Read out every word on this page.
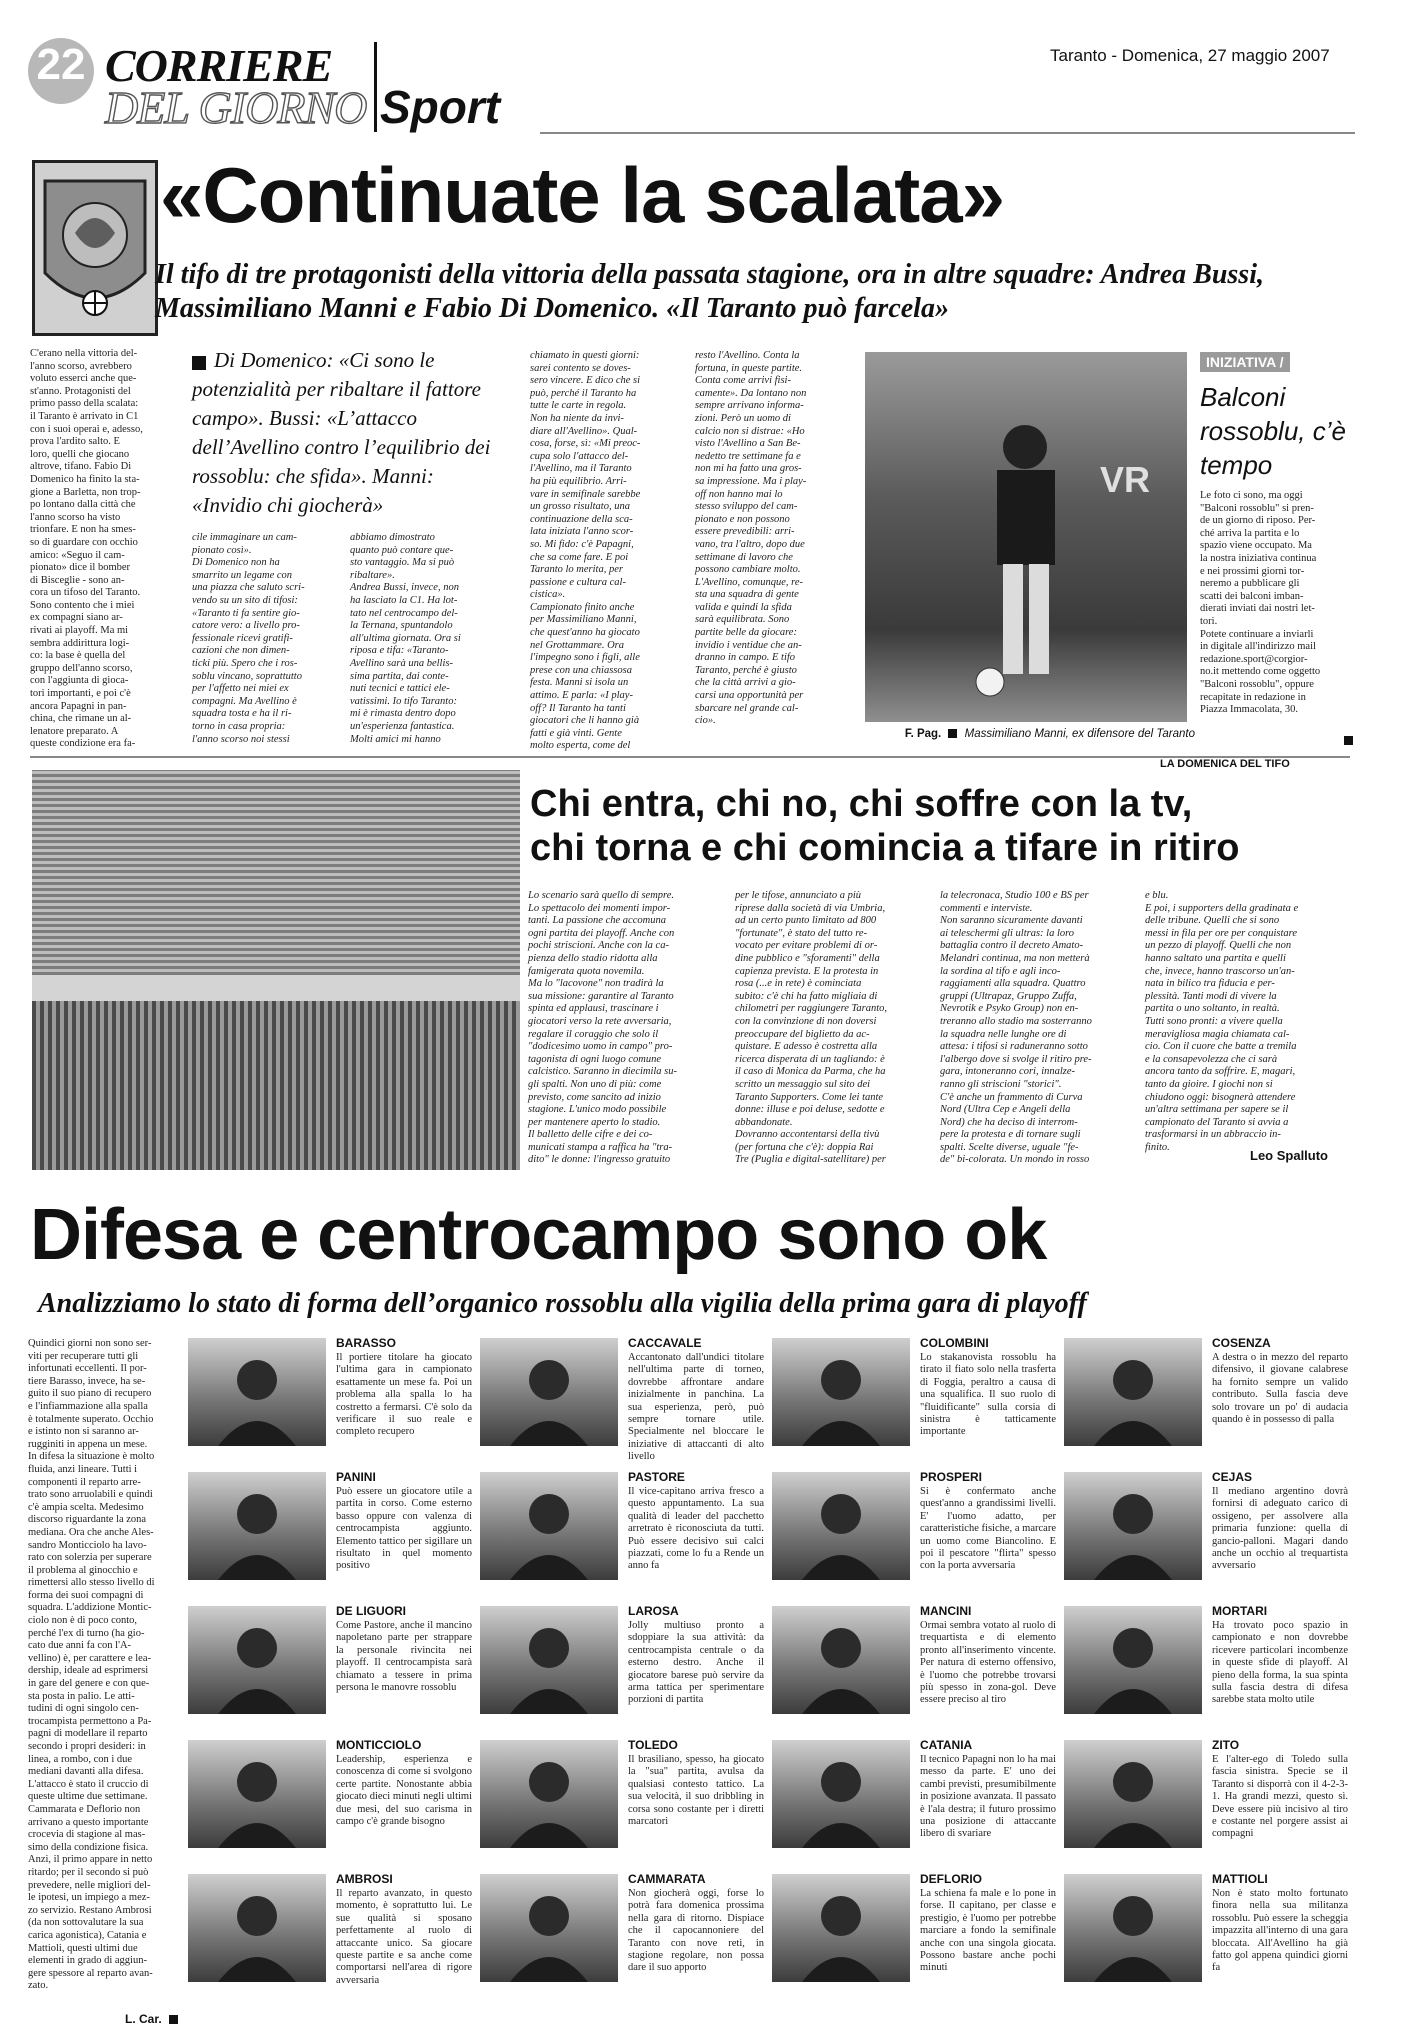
22 CORRIERE
DEL GIORNO Sport
Taranto - Domenica, 27 maggio 2007
«Continuate la scalata»
Il tifo di tre protagonisti della vittoria della passata stagione, ora in altre squadre: Andrea Bussi, Massimiliano Manni e Fabio Di Domenico. «Il Taranto può farcela»

C'erano nella vittoria del-
l'anno scorso, avrebbero
voluto esserci anche que-
st'anno. Protagonisti del
primo passo della scalata:
il Taranto è arrivato in C1
con i suoi operai e, adesso,
prova l'ardito salto. E
loro, quelli che giocano
altrove, tifano. Fabio Di
Domenico ha finito la sta-
gione a Barletta, non trop-
po lontano dalla città che
l'anno scorso ha visto
trionfare. E non ha smes-
so di guardare con occhio
amico: «Seguo il cam-
pionato» dice il bomber
di Bisceglie - sono an-
cora un tifoso del Taranto.
Sono contento che i miei
ex compagni siano ar-
rivati ai playoff. Ma mi
sembra addirittura logi-
co: la base è quella del
gruppo dell'anno scorso,
con l'aggiunta di gioca-
tori importanti, e poi c'è
ancora Papagni in pan-
china, che rimane un al-
lenatore preparato. A
queste condizione era fa-

Di Domenico: «Ci sono le potenzialità per ribaltare il fattore campo». Bussi: «L’attacco dell’Avellino contro l’equilibrio dei rossoblu: che sfida». Manni: «Invidio chi giocherà»

cile immaginare un cam-
pionato così».
Di Domenico non ha
smarrito un legame con
una piazza che saluto scri-
vendo su un sito di tifosi:
«Taranto ti fa sentire gio-
catore vero: a livello pro-
fessionale ricevi gratifi-
cazioni che non dimen-
ticki più. Spero che i ros-
soblu vincano, soprattutto
per l'affetto nei miei ex
compagni. Ma Avellino è
squadra tosta e ha il ri-
torno in casa propria:
l'anno scorso noi stessi

abbiamo dimostrato
quanto può contare que-
sto vantaggio. Ma si può
ribaltare».
Andrea Bussi, invece, non
ha lasciato la C1. Ha lot-
tato nel centrocampo del-
la Ternana, spuntandolo
all'ultima giornata. Ora si
riposa e tifa: «Taranto-
Avellino sarà una bellis-
sima partita, dai conte-
nuti tecnici e tattici ele-
vatissimi. Io tifo Taranto:
mi è rimasta dentro dopo
un'esperienza fantastica.
Molti amici mi hanno

chiamato in questi giorni:
sarei contento se doves-
sero vincere. E dico che si
può, perché il Taranto ha
tutte le carte in regola.
Non ha niente da invi-
diare all'Avellino». Qual-
cosa, forse, sì: «Mi preoc-
cupa solo l'attacco del-
l'Avellino, ma il Taranto
ha più equilibrio. Arri-
vare in semifinale sarebbe
un grosso risultato, una
continuazione della sca-
lata iniziata l'anno scor-
so. Mi fido: c'è Papagni,
che sa come fare. E poi
Taranto lo merita, per
passione e cultura cal-
cistica».
Campionato finito anche
per Massimiliano Manni,
che quest'anno ha giocato
nel Grottammare. Ora
l'impegno sono i figli, alle
prese con una chiassosa
festa. Manni si isola un
attimo. E parla: «I play-
off? Il Taranto ha tanti
giocatori che li hanno già
fatti e già vinti. Gente
molto esperta, come del

resto l'Avellino. Conta la
fortuna, in queste partite.
Conta come arrivi fisi-
camente». Da lontano non
sempre arrivano informa-
zioni. Però un uomo di
calcio non si distrae: «Ho
visto l'Avellino a San Be-
nedetto tre settimane fa e
non mi ha fatto una gros-
sa impressione. Ma i play-
off non hanno mai lo
stesso sviluppo del cam-
pionato e non possono
essere prevedibili: arri-
vano, tra l'altro, dopo due
settimane di lavoro che
possono cambiare molto.
L'Avellino, comunque, re-
sta una squadra di gente
valida e quindi la sfida
sarà equilibrata. Sono
partite belle da giocare:
invidio i ventidue che an-
dranno in campo. E tifo
Taranto, perché è giusto
che la città arrivi a gio-
carsi una opportunità per
sbarcare nel grande cal-
cio».

VR
F. Pag. Massimiliano Manni, ex difensore del Taranto
INIZIATIVA /
Balconi rossoblu, c’è tempo

Le foto ci sono, ma oggi
"Balconi rossoblu" si pren-
de un giorno di riposo. Per-
ché arriva la partita e lo
spazio viene occupato. Ma
la nostra iniziativa continua
e nei prossimi giorni tor-
neremo a pubblicare gli
scatti dei balconi imban-
dierati inviati dai nostri let-
tori.
Potete continuare a inviarli
in digitale all'indirizzo mail
redazione.sport@corgior-
no.it mettendo come oggetto
"Balconi rossoblu", oppure
recapitate in redazione in
Piazza Immacolata, 30.

LA DOMENICA DEL TIFO
Chi entra, chi no, chi soffre con la tv,
chi torna e chi comincia a tifare in ritiro

Lo scenario sarà quello di sempre.
Lo spettacolo dei momenti impor-
tanti. La passione che accomuna
ogni partita dei playoff. Anche con
pochi striscioni. Anche con la ca-
pienza dello stadio ridotta alla
famigerata quota novemila.
Ma lo "lacovone" non tradirà la
sua missione: garantire al Taranto
spinta ed applausi, trascinare i
giocatori verso la rete avversaria,
regalare il coraggio che solo il
"dodicesimo uomo in campo" pro-
tagonista di ogni luogo comune
calcistico. Saranno in diecimila su-
gli spalti. Non uno di più: come
previsto, come sancito ad inizio
stagione. L'unico modo possibile
per mantenere aperto lo stadio.
Il balletto delle cifre e dei co-
municati stampa a raffica ha "tra-
dito" le donne: l'ingresso gratuito

per le tifose, annunciato a più
riprese dalla società di via Umbria,
ad un certo punto limitato ad 800
"fortunate", è stato del tutto re-
vocato per evitare problemi di or-
dine pubblico e "sforamenti" della
capienza prevista. E la protesta in
rosa (...e in rete) è cominciata
subito: c'è chi ha fatto migliaia di
chilometri per raggiungere Taranto,
con la convinzione di non doversi
preoccupare del biglietto da ac-
quistare. E adesso è costretta alla
ricerca disperata di un tagliando: è
il caso di Monica da Parma, che ha
scritto un messaggio sul sito dei
Taranto Supporters. Come lei tante
donne: illuse e poi deluse, sedotte e
abbandonate.
Dovranno accontentarsi della tivù
(per fortuna che c'è): doppia Rai
Tre (Puglia e digital-satellitare) per

la telecronaca, Studio 100 e BS per
commenti e interviste.
Non saranno sicuramente davanti
ai teleschermi gli ultras: la loro
battaglia contro il decreto Amato-
Melandri continua, ma non metterà
la sordina al tifo e agli inco-
raggiamenti alla squadra. Quattro
gruppi (Ultrapaz, Gruppo Zuffa,
Nevrotik e Psyko Group) non en-
treranno allo stadio ma sosterranno
la squadra nelle lunghe ore di
attesa: i tifosi si raduneranno sotto
l'albergo dove si svolge il ritiro pre-
gara, intoneranno cori, innalze-
ranno gli striscioni "storici".
C'è anche un frammento di Curva
Nord (Ultra Cep e Angeli della
Nord) che ha deciso di interrom-
pere la protesta e di tornare sugli
spalti. Scelte diverse, uguale "fe-
de" bi-colorata. Un mondo in rosso

e blu.
E poi, i supporters della gradinata e
delle tribune. Quelli che si sono
messi in fila per ore per conquistare
un pezzo di playoff. Quelli che non
hanno saltato una partita e quelli
che, invece, hanno trascorso un'an-
nata in bilico tra fiducia e per-
plessità. Tanti modi di vivere la
partita o uno soltanto, in realtà.
Tutti sono pronti: a vivere quella
meravigliosa magia chiamata cal-
cio. Con il cuore che batte a tremila
e la consapevolezza che ci sarà
ancora tanto da soffrire. E, magari,
tanto da gioire. I giochi non si
chiudono oggi: bisognerà attendere
un'altra settimana per sapere se il
campionato del Taranto si avvia a
trasformarsi in un abbraccio in-
finito.

Leo Spalluto
Difesa e centrocampo sono ok
Analizziamo lo stato di forma dell’organico rossoblu alla vigilia della prima gara di playoff

Quindici giorni non sono ser-
viti per recuperare tutti gli
infortunati eccellenti. Il por-
tiere Barasso, invece, ha se-
guito il suo piano di recupero
e l'infiammazione alla spalla
è totalmente superato. Occhio
e istinto non si saranno ar-
rugginiti in appena un mese.
In difesa la situazione è molto
fluida, anzi lineare. Tutti i
componenti il reparto arre-
trato sono arruolabili e quindi
c'è ampia scelta. Medesimo
discorso riguardante la zona
mediana. Ora che anche Ales-
sandro Monticciolo ha lavo-
rato con solerzia per superare
il problema al ginocchio e
rimettersi allo stesso livello di
forma dei suoi compagni di
squadra. L'addizione Montic-
ciolo non è di poco conto,
perché l'ex di turno (ha gio-
cato due anni fa con l'A-
vellino) è, per carattere e lea-
dership, ideale ad esprimersi
in gare del genere e con que-
sta posta in palio. Le atti-
tudini di ogni singolo cen-
trocampista permettono a Pa-
pagni di modellare il reparto
secondo i propri desideri: in
linea, a rombo, con i due
mediani davanti alla difesa.
L'attacco è stato il cruccio di
queste ultime due settimane.
Cammarata e Deflorio non
arrivano a questo importante
crocevia di stagione al mas-
simo della condizione fisica.
Anzi, il primo appare in netto
ritardo; per il secondo si può
prevedere, nelle migliori del-
le ipotesi, un impiego a mez-
zo servizio. Restano Ambrosi
(da non sottovalutare la sua
carica agonistica), Catania e
Mattioli, questi ultimi due
elementi in grado di aggiun-
gere spessore al reparto avan-
zato.

L. Car.
BARASSO

Il portiere titolare ha giocato l'ultima gara in campionato esattamente un mese fa. Poi un problema alla spalla lo ha costretto a fermarsi. C'è solo da verificare il suo reale e completo recupero

CACCAVALE

Accantonato dall'undici titolare nell'ultima parte di torneo, dovrebbe affrontare andare inizialmente in panchina. La sua esperienza, però, può sempre tornare utile. Specialmente nel bloccare le iniziative di attaccanti di alto livello

COLOMBINI

Lo stakanovista rossoblu ha tirato il fiato solo nella trasferta di Foggia, peraltro a causa di una squalifica. Il suo ruolo di "fluidificante" sulla corsia di sinistra è tatticamente importante

COSENZA

A destra o in mezzo del reparto difensivo, il giovane calabrese ha fornito sempre un valido contributo. Sulla fascia deve solo trovare un po' di audacia quando è in possesso di palla

PANINI

Può essere un giocatore utile a partita in corso. Come esterno basso oppure con valenza di centrocampista aggiunto. Elemento tattico per sigillare un risultato in quel momento positivo

PASTORE

Il vice-capitano arriva fresco a questo appuntamento. La sua qualità di leader del pacchetto arretrato è riconosciuta da tutti. Può essere decisivo sui calci piazzati, come lo fu a Rende un anno fa

PROSPERI

Si è confermato anche quest'anno a grandissimi livelli. E' l'uomo adatto, per caratteristiche fisiche, a marcare un uomo come Biancolino. E poi il pescatore "flirta" spesso con la porta avversaria

CEJAS

Il mediano argentino dovrà fornirsi di adeguato carico di ossigeno, per assolvere alla primaria funzione: quella di gancio-palloni. Magari dando anche un occhio al trequartista avversario

DE LIGUORI

Come Pastore, anche il mancino napoletano parte per strappare la personale rivincita nei playoff. Il centrocampista sarà chiamato a tessere in prima persona le manovre rossoblu

LAROSA

Jolly multiuso pronto a sdoppiare la sua attività: da centrocampista centrale o da esterno destro. Anche il giocatore barese può servire da arma tattica per sperimentare porzioni di partita

MANCINI

Ormai sembra votato al ruolo di trequartista e di elemento pronto all'inserimento vincente. Per natura di esterno offensivo, è l'uomo che potrebbe trovarsi più spesso in zona-gol. Deve essere preciso al tiro

MORTARI

Ha trovato poco spazio in campionato e non dovrebbe ricevere particolari incombenze in queste sfide di playoff. Al pieno della forma, la sua spinta sulla fascia destra di difesa sarebbe stata molto utile

MONTICCIOLO

Leadership, esperienza e conoscenza di come si svolgono certe partite. Nonostante abbia giocato dieci minuti negli ultimi due mesi, del suo carisma in campo c'è grande bisogno

TOLEDO

Il brasiliano, spesso, ha giocato la "sua" partita, avulsa da qualsiasi contesto tattico. La sua velocità, il suo dribbling in corsa sono costante per i diretti marcatori

CATANIA

Il tecnico Papagni non lo ha mai messo da parte. E' uno dei cambi previsti, presumibilmente in posizione avanzata. Il passato è l'ala destra; il futuro prossimo una posizione di attaccante libero di svariare

ZITO

E l'alter-ego di Toledo sulla fascia sinistra. Specie se il Taranto si disporrà con il 4-2-3-1. Ha grandi mezzi, questo sì. Deve essere più incisivo al tiro e costante nel porgere assist ai compagni

AMBROSI

Il reparto avanzato, in questo momento, è soprattutto lui. Le sue qualità si sposano perfettamente al ruolo di attaccante unico. Sa giocare queste partite e sa anche come comportarsi nell'area di rigore avversaria

CAMMARATA

Non giocherà oggi, forse lo potrà fara domenica prossima nella gara di ritorno. Dispiace che il capocannoniere del Taranto con nove reti, in stagione regolare, non possa dare il suo apporto

DEFLORIO

La schiena fa male e lo pone in forse. Il capitano, per classe e prestigio, è l'uomo per potrebbe marciare a fondo la semifinale anche con una singola giocata. Possono bastare anche pochi minuti

MATTIOLI

Non è stato molto fortunato finora nella sua militanza rossoblu. Può essere la scheggia impazzita all'interno di una gara bloccata. All'Avellino ha già fatto gol appena quindici giorni fa
